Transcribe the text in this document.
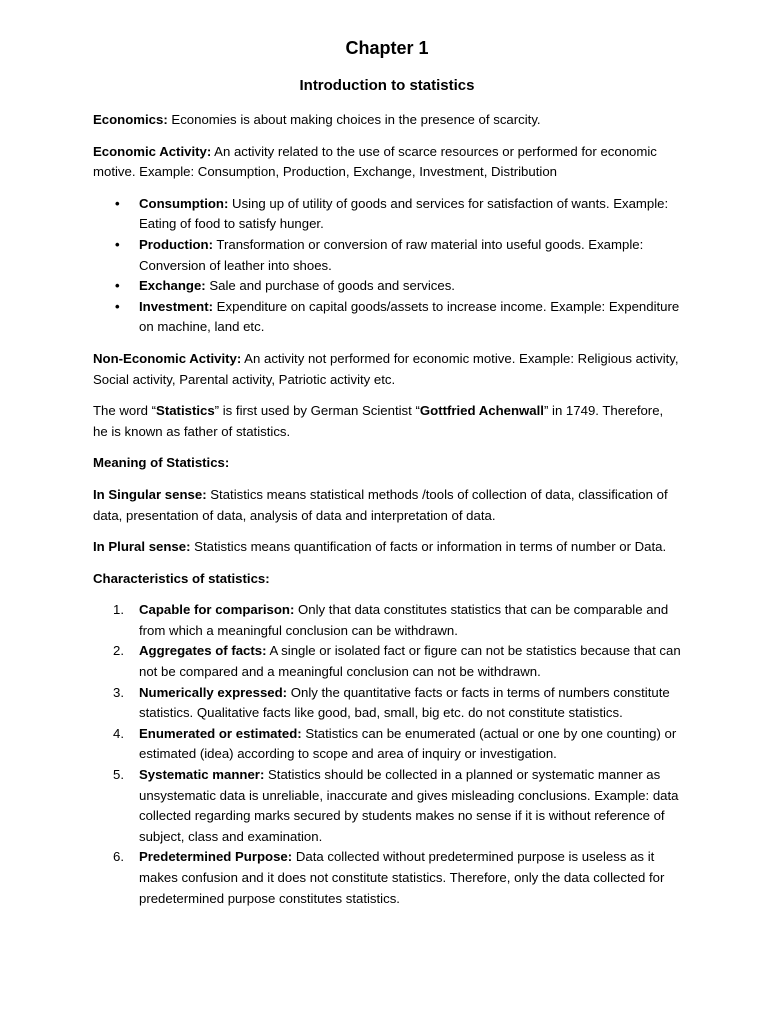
Chapter 1
Introduction to statistics

Economics: Economies is about making choices in the presence of scarcity.

Economic Activity: An activity related to the use of scarce resources or performed for economic motive. Example: Consumption, Production, Exchange, Investment, Distribution

• Consumption: Using up of utility of goods and services for satisfaction of wants. Example: Eating of food to satisfy hunger.
• Production: Transformation or conversion of raw material into useful goods. Example: Conversion of leather into shoes.
• Exchange: Sale and purchase of goods and services.
• Investment: Expenditure on capital goods/assets to increase income. Example: Expenditure on machine, land etc.

Non-Economic Activity: An activity not performed for economic motive. Example: Religious activity, Social activity, Parental activity, Patriotic activity etc.

The word “Statistics” is first used by German Scientist “Gottfried Achenwall” in 1749. Therefore, he is known as father of statistics.

Meaning of Statistics:

In Singular sense: Statistics means statistical methods /tools of collection of data, classification of data, presentation of data, analysis of data and interpretation of data.

In Plural sense: Statistics means quantification of facts or information in terms of number or Data.

Characteristics of statistics:

1. Capable for comparison: Only that data constitutes statistics that can be comparable and from which a meaningful conclusion can be withdrawn.
2. Aggregates of facts: A single or isolated fact or figure can not be statistics because that can not be compared and a meaningful conclusion can not be withdrawn.
3. Numerically expressed: Only the quantitative facts or facts in terms of numbers constitute statistics. Qualitative facts like good, bad, small, big etc. do not constitute statistics.
4. Enumerated or estimated: Statistics can be enumerated (actual or one by one counting) or estimated (idea) according to scope and area of inquiry or investigation.
5. Systematic manner: Statistics should be collected in a planned or systematic manner as unsystematic data is unreliable, inaccurate and gives misleading conclusions. Example: data collected regarding marks secured by students makes no sense if it is without reference of subject, class and examination.
6. Predetermined Purpose: Data collected without predetermined purpose is useless as it makes confusion and it does not constitute statistics. Therefore, only the data collected for predetermined purpose constitutes statistics.
